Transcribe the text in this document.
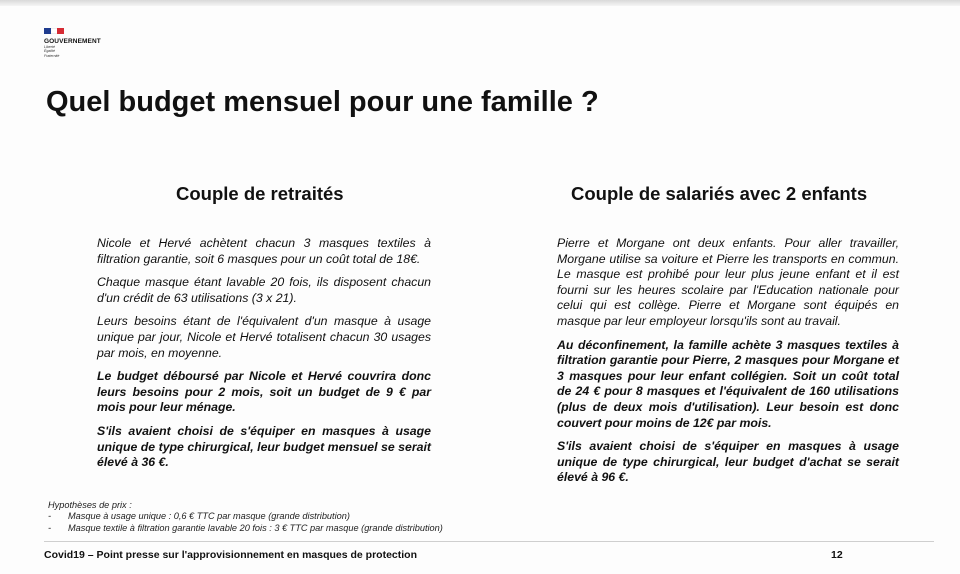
GOUVERNEMENT
Liberté
Égalité
Fraternité
Quel budget mensuel pour une famille ?
Couple de retraités

Nicole et Hervé achètent chacun 3 masques textiles à filtration garantie, soit 6 masques pour un coût total de 18€.

Chaque masque étant lavable 20 fois, ils disposent chacun d'un crédit de 63 utilisations (3 x 21).

Leurs besoins étant de l'équivalent d'un masque à usage unique par jour, Nicole et Hervé totalisent chacun 30 usages par mois, en moyenne.

Le budget déboursé par Nicole et Hervé couvrira donc leurs besoins pour 2 mois, soit un budget de 9 € par mois pour leur ménage.

S'ils avaient choisi de s'équiper en masques à usage unique de type chirurgical, leur budget mensuel se serait élevé à 36 €.

Couple de salariés avec 2 enfants

Pierre et Morgane ont deux enfants. Pour aller travailler, Morgane utilise sa voiture et Pierre les transports en commun. Le masque est prohibé pour leur plus jeune enfant et il est fourni sur les heures scolaire par l'Education nationale pour celui qui est collège. Pierre et Morgane sont équipés en masque par leur employeur lorsqu'ils sont au travail.

Au déconfinement, la famille achète 3 masques textiles à filtration garantie pour Pierre, 2 masques pour Morgane et 3 masques pour leur enfant collégien. Soit un coût total de 24 € pour 8 masques et l'équivalent de 160 utilisations (plus de deux mois d'utilisation). Leur besoin est donc couvert pour moins de 12€ par mois.

S'ils avaient choisi de s'équiper en masques à usage unique de type chirurgical, leur budget d'achat se serait élevé à 96 €.

Hypothèses de prix :
- Masque à usage unique : 0,6 € TTC par masque (grande distribution)
- Masque textile à filtration garantie lavable 20 fois : 3 € TTC par masque (grande distribution)
Covid19 – Point presse sur l'approvisionnement en masques de protection	12
